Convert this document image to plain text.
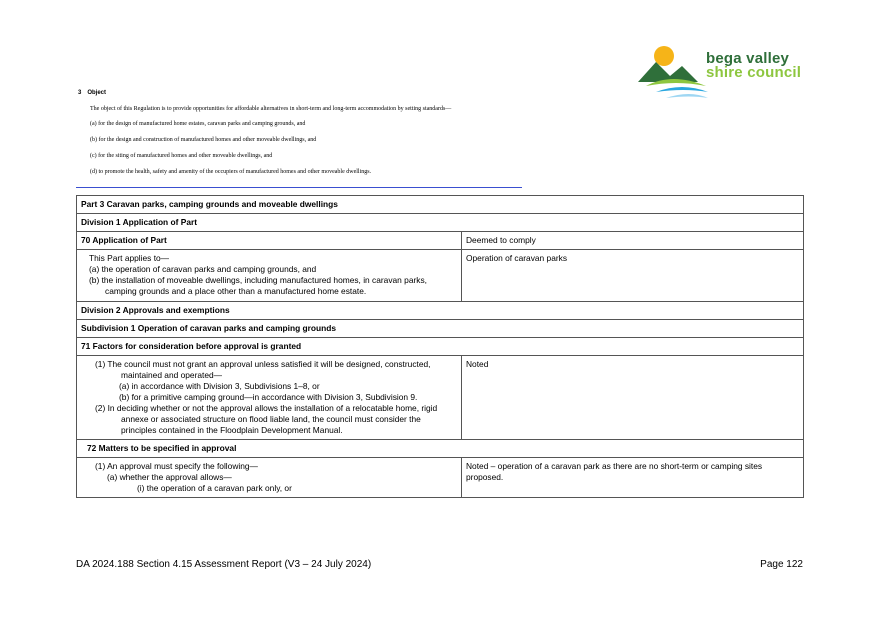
bega valley
shire council
3 Object
The object of this Regulation is to provide opportunities for affordable alternatives in short-term and long-term accommodation by setting standards—
(a) for the design of manufactured home estates, caravan parks and camping grounds, and
(b) for the design and construction of manufactured homes and other moveable dwellings, and
(c) for the siting of manufactured homes and other moveable dwellings, and
(d) to promote the health, safety and amenity of the occupiers of manufactured homes and other moveable dwellings.
Part 3 Caravan parks, camping grounds and moveable dwellings	
Division 1 Application of Part	
70 Application of Part	Deemed to comply

This Part applies to—
(a) the operation of caravan parks and camping grounds, and
(b) the installation of moveable dwellings, including manufactured homes, in caravan parks, camping grounds and a place other than a manufactured home estate.	Operation of caravan parks
Division 2 Approvals and exemptions	
Subdivision 1 Operation of caravan parks and camping grounds	
71 Factors for consideration before approval is granted	

(1) The council must not grant an approval unless satisfied it will be designed, constructed, maintained and operated—
(a) in accordance with Division 3, Subdivisions 1–8, or
(b) for a primitive camping ground—in accordance with Division 3, Subdivision 9.
(2) In deciding whether or not the approval allows the installation of a relocatable home, rigid annexe or associated structure on flood liable land, the council must consider the principles contained in the Floodplain Development Manual.	Noted
72 Matters to be specified in approval	

(1) An approval must specify the following—
(a) whether the approval allows—
(i) the operation of a caravan park only, or	Noted – operation of a caravan park as there are no short-term or camping sites proposed.
DA 2024.188 Section 4.15 Assessment Report (V3 – 24 July 2024)	Page 122
